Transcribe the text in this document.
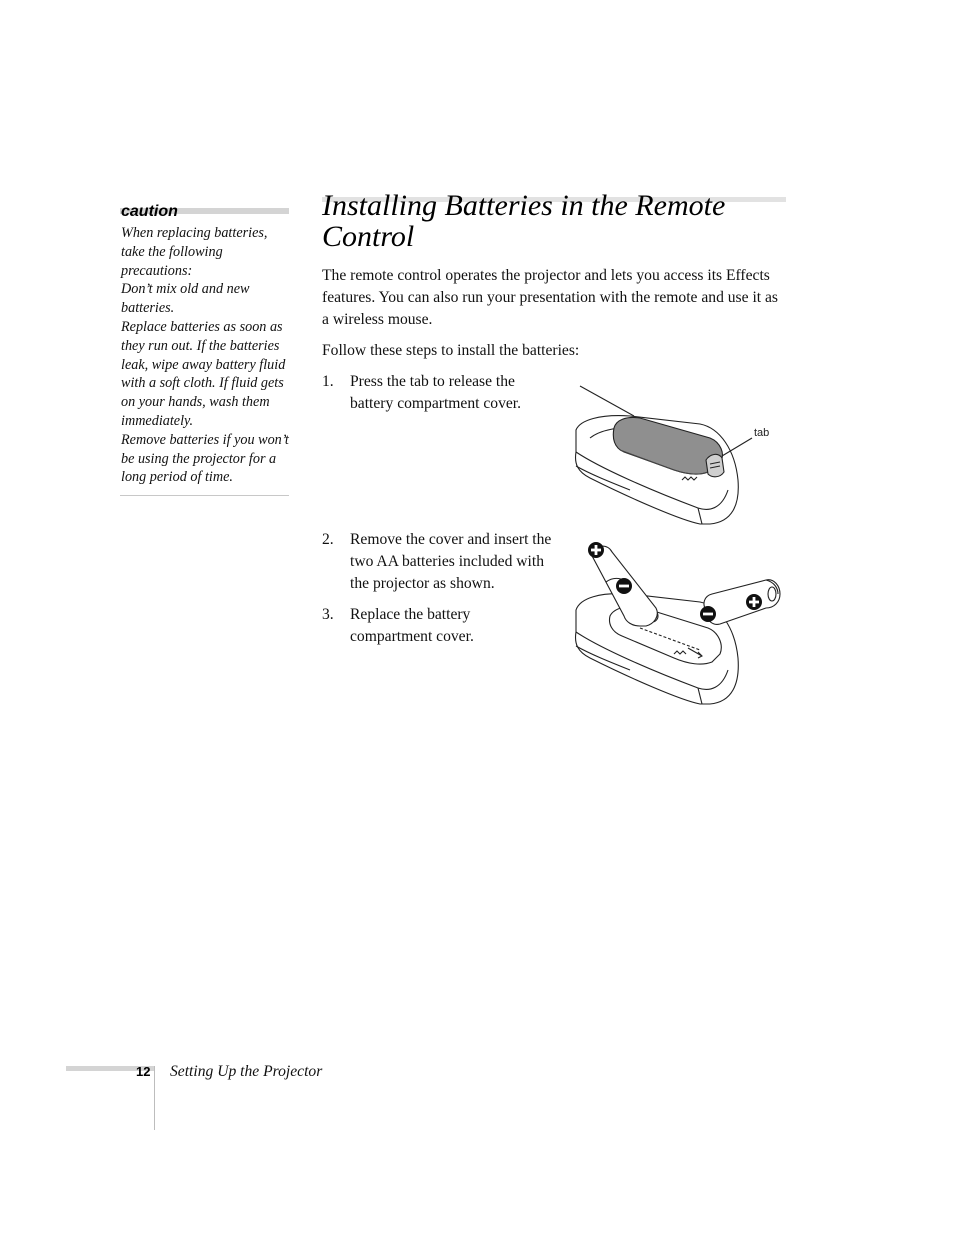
caution

When replacing batteries, take the following precautions:

Don’t mix old and new batteries.

Replace batteries as soon as they run out. If the batteries leak, wipe away battery fluid with a soft cloth. If fluid gets on your hands, wash them immediately.

Remove batteries if you won’t be using the projector for a long period of time.

Installing Batteries in the Remote Control

The remote control operates the projector and lets you access its Effects features. You can also run your presentation with the remote and use it as a wireless mouse.

Follow these steps to install the batteries:

1. Press the tab to release the battery compartment cover.
2. Remove the cover and insert the two AA batteries included with the projector as shown.
3. Replace the battery compartment cover.
tab
12 Setting Up the Projector
